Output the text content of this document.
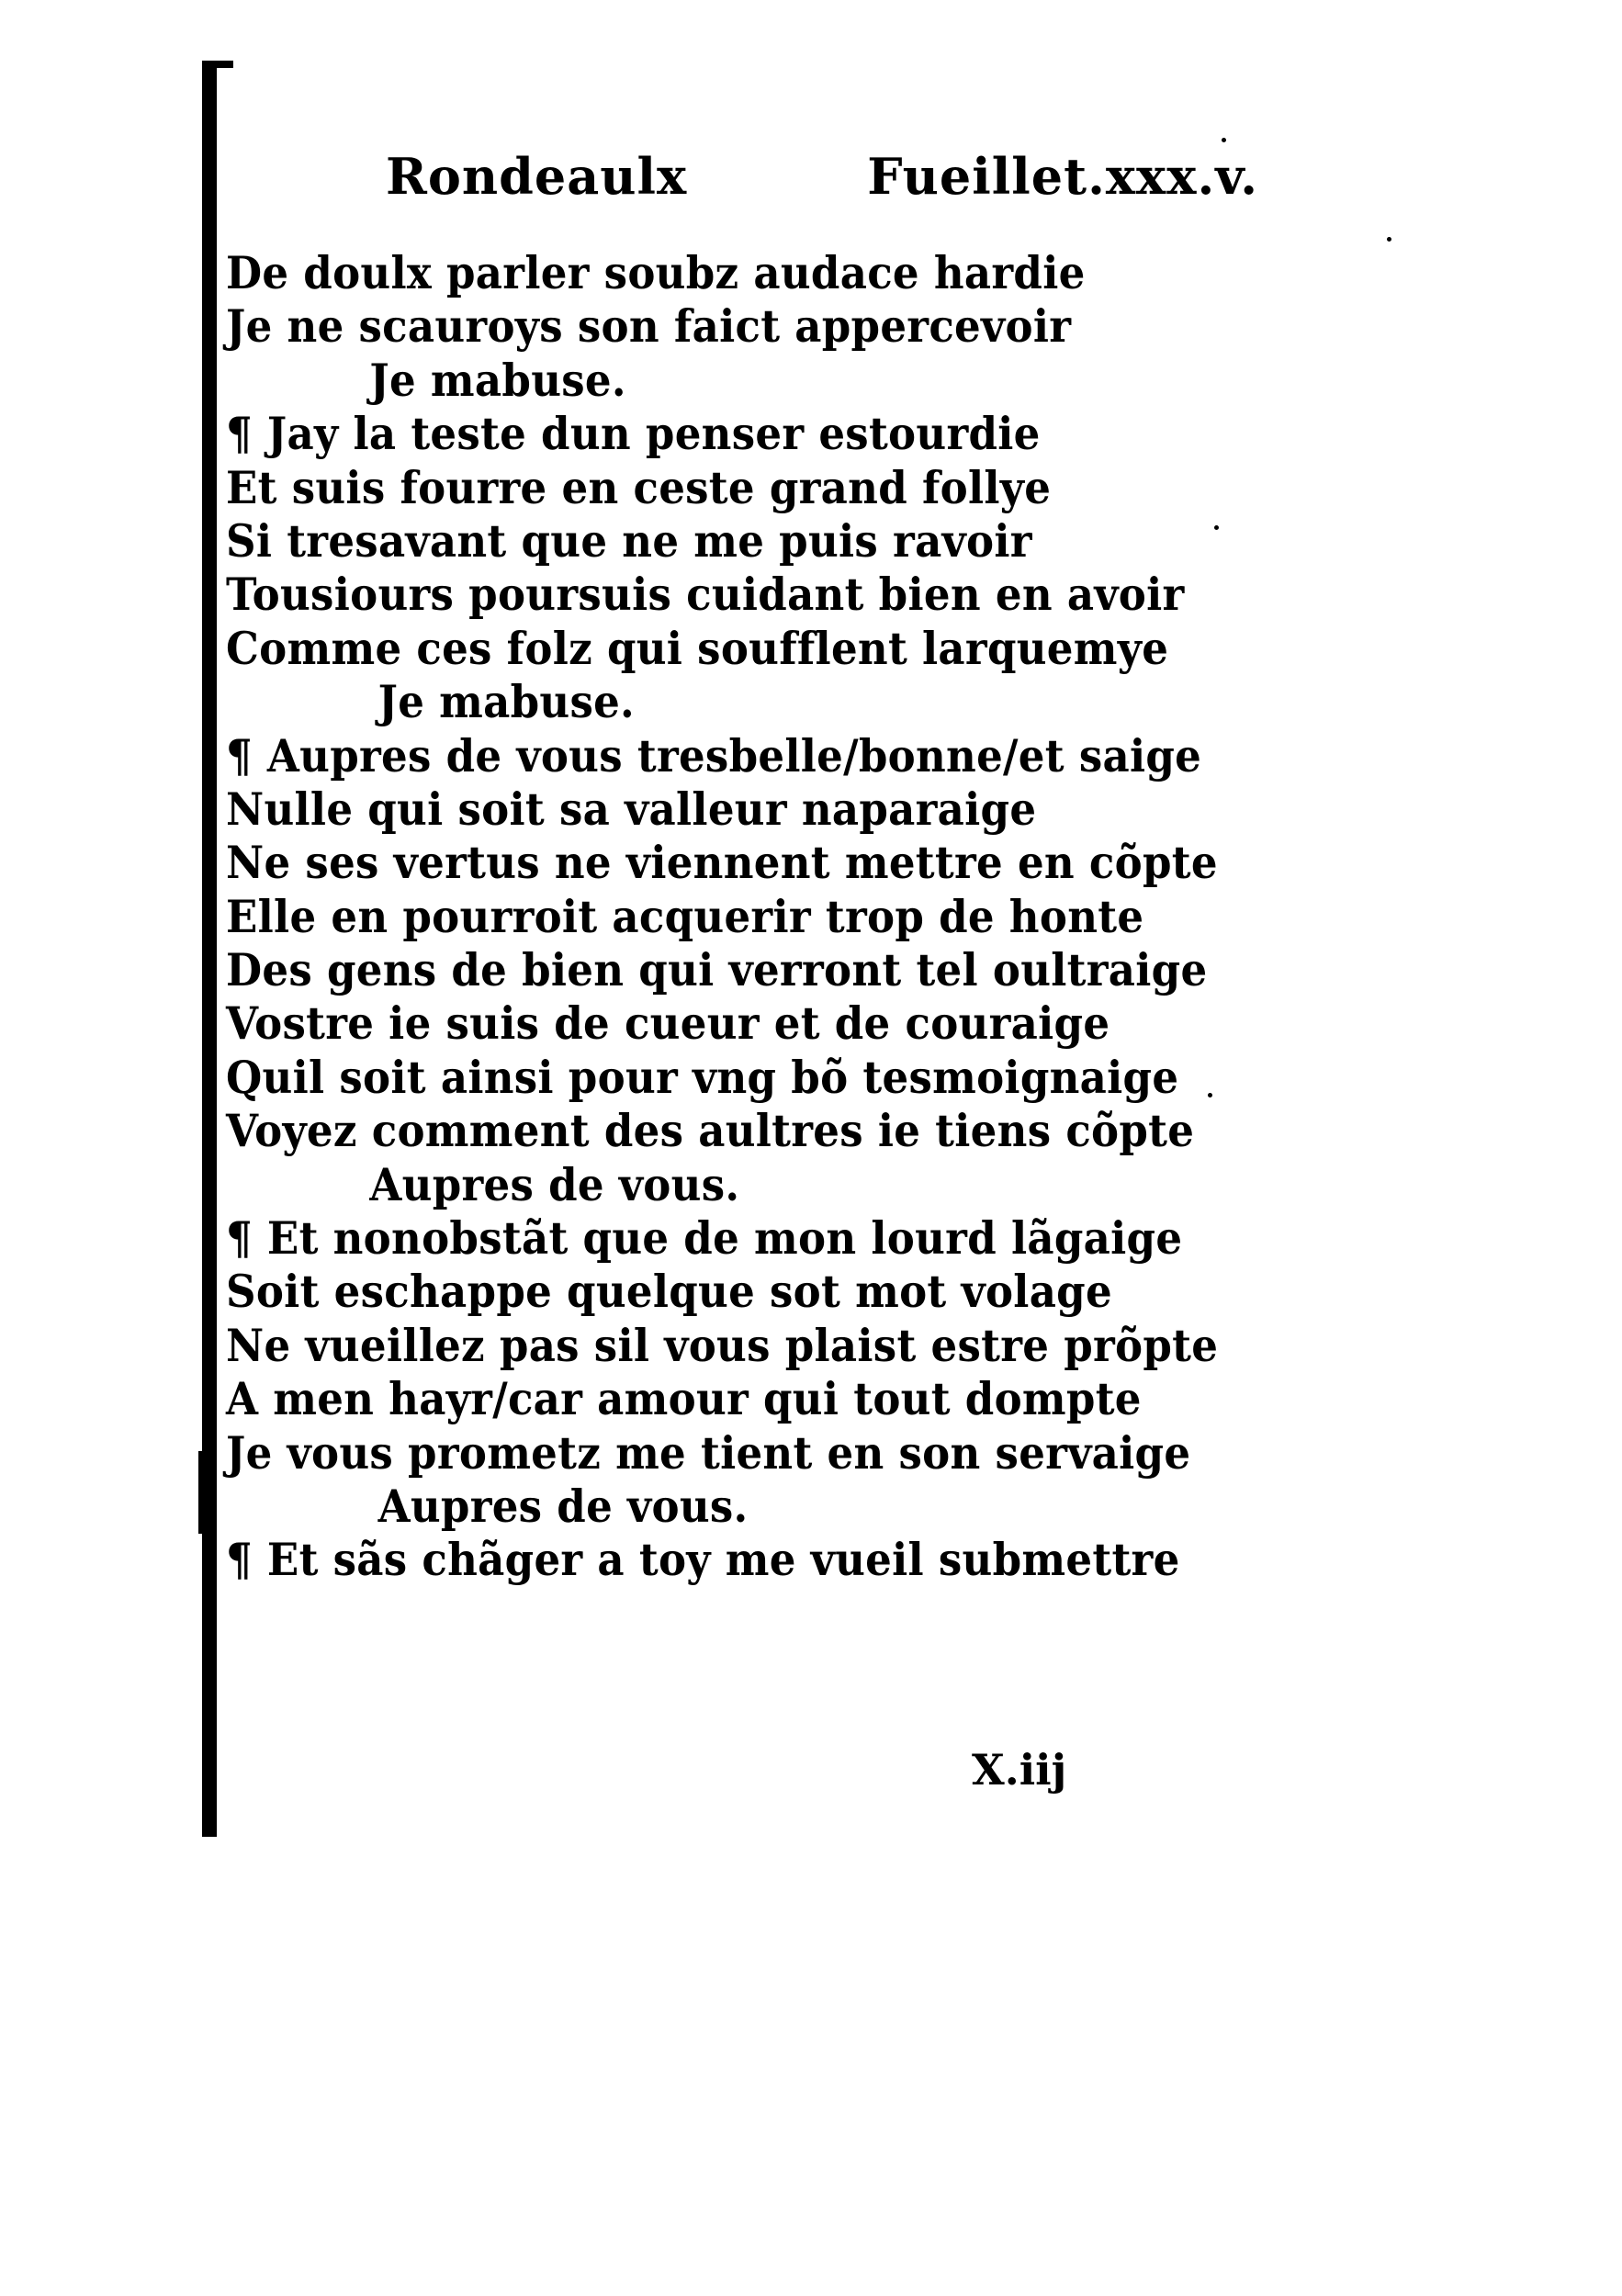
Rondeaulx	Fueillet.xxx.v.
De doulx parler soubz audace hardie
Je ne scauroys son faict appercevoir
Je mabuse.
¶ Jay la teste dun penser estourdie
Et suis fourre en ceste grand follye
Si tresavant que ne me puis ravoir
Tousiours poursuis cuidant bien en avoir
Comme ces folz qui soufflent larquemye
Je mabuse.
¶ Aupres de vous tresbelle/bonne/et saige
Nulle qui soit sa valleur naparaige
Ne ses vertus ne viennent mettre en cõpte
Elle en pourroit acquerir trop de honte
Des gens de bien qui verront tel oultraige
Vostre ie suis de cueur et de couraige
Quil soit ainsi pour vng bõ tesmoignaige
Voyez comment des aultres ie tiens cõpte
Aupres de vous.
¶ Et nonobstãt que de mon lourd lãgaige
Soit eschappe quelque sot mot volage
Ne vueillez pas sil vous plaist estre prõpte
A men hayr/car amour qui tout dompte
Je vous prometz me tient en son servaige
Aupres de vous.
¶ Et sãs chãger a toy me vueil submettre
X.iij
